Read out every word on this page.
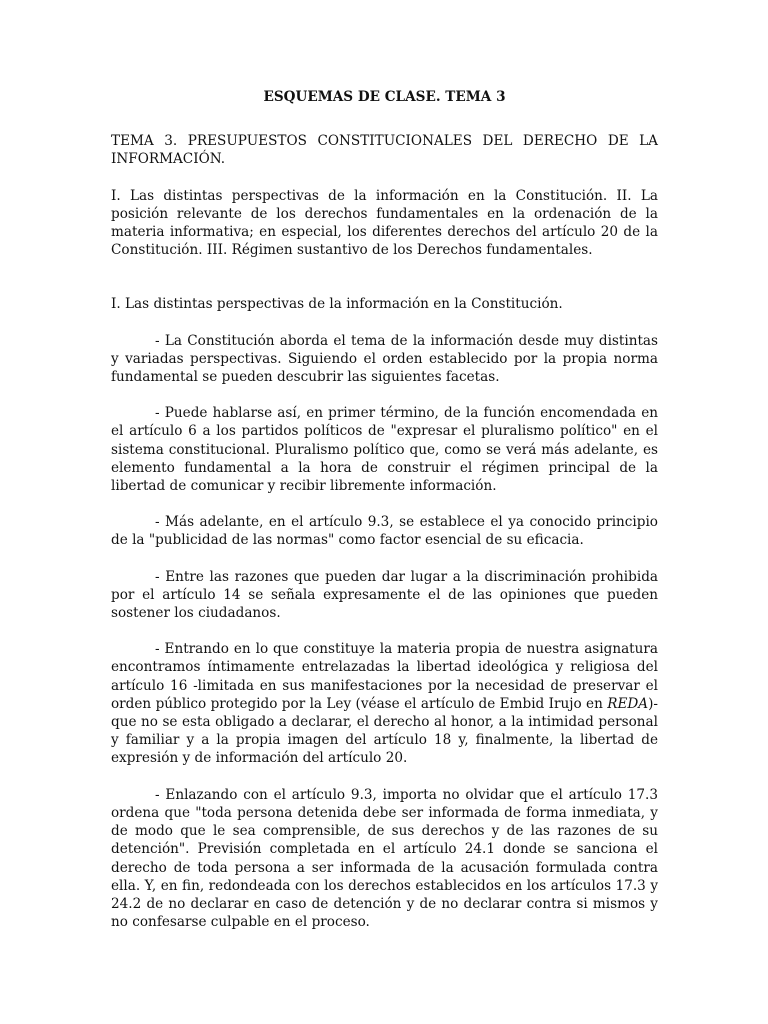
ESQUEMAS DE CLASE. TEMA 3

TEMA 3. PRESUPUESTOS CONSTITUCIONALES DEL DERECHO DE LA INFORMACIÓN.

I. Las distintas perspectivas de la información en la Constitución. II. La posición relevante de los derechos fundamentales en la ordenación de la materia informativa; en especial, los diferentes derechos del artículo 20 de la Constitución. III. Régimen sustantivo de los Derechos fundamentales.

I. Las distintas perspectivas de la información en la Constitución.

- La Constitución aborda el tema de la información desde muy distintas y variadas perspectivas. Siguiendo el orden establecido por la propia norma fundamental se pueden descubrir las siguientes facetas.

- Puede hablarse así, en primer término, de la función encomendada en el artículo 6 a los partidos políticos de "expresar el pluralismo político" en el sistema constitucional. Pluralismo político que, como se verá más adelante, es elemento fundamental a la hora de construir el régimen principal de la libertad de comunicar y recibir libremente información.

- Más adelante, en el artículo 9.3, se establece el ya conocido principio de la "publicidad de las normas" como factor esencial de su eficacia.

- Entre las razones que pueden dar lugar a la discriminación prohibida por el artículo 14 se señala expresamente el de las opiniones que pueden sostener los ciudadanos.

- Entrando en lo que constituye la materia propia de nuestra asignatura encontramos íntimamente entrelazadas la libertad ideológica y religiosa del artículo 16 -limitada en sus manifestaciones por la necesidad de preservar el orden público protegido por la Ley (véase el artículo de Embid Irujo en REDA)- que no se esta obligado a declarar, el derecho al honor, a la intimidad personal y familiar y a la propia imagen del artículo 18 y, finalmente, la libertad de expresión y de información del artículo 20.

- Enlazando con el artículo 9.3, importa no olvidar que el artículo 17.3 ordena que "toda persona detenida debe ser informada de forma inmediata, y de modo que le sea comprensible, de sus derechos y de las razones de su detención". Previsión completada en el artículo 24.1 donde se sanciona el derecho de toda persona a ser informada de la acusación formulada contra ella. Y, en fin, redondeada con los derechos establecidos en los artículos 17.3 y 24.2 de no declarar en caso de detención y de no declarar contra si mismos y no confesarse culpable en el proceso.
